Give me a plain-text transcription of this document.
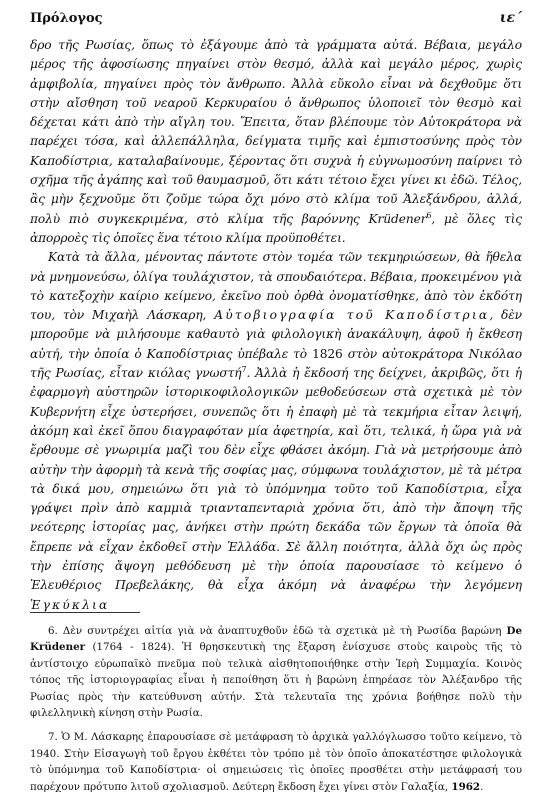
Πρόλογος	ιε΄

δρο τῆς Ρωσίας, ὅπως τὸ ἐξάγουμε ἀπὸ τὰ γράμματα αὐτά. Βέβαια, μεγάλο μέρος τῆς ἀφοσίωσης πηγαίνει στὸν θεσμό, ἀλλὰ καὶ μεγάλο μέρος, χωρὶς ἀμφιβολία, πηγαίνει πρὸς τὸν ἄνθρωπο. Ἀλλὰ εὔκολο εἶναι νὰ δεχθοῦμε ὅτι στὴν αἴσθηση τοῦ νεαροῦ Κερκυραίου ὁ ἄνθρωπος ὑλοποιεῖ τὸν θεσμὸ καὶ δέχεται κάτι ἀπὸ τὴν αἴγλη του. Ἔπειτα, ὅταν βλέπουμε τὸν Αὐτοκράτορα νὰ παρέχει τόσα, καὶ ἀλλεπάλληλα, δείγματα τιμῆς καὶ ἐμπιστοσύνης πρὸς τὸν Καποδίστρια, καταλαβαίνουμε, ξέροντας ὅτι συχνὰ ἡ εὐγνωμοσύνη παίρνει τὸ σχῆμα τῆς ἀγάπης καὶ τοῦ θαυμασμοῦ, ὅτι κάτι τέτοιο ἔχει γίνει κι ἐδῶ. Τέλος, ἂς μὴν ξεχνοῦμε ὅτι ζοῦμε τώρα ὄχι μόνο στὸ κλίμα τοῦ Ἀλεξάνδρου, ἀλλά, πολὺ πιὸ συγκεκριμένα, στὸ κλίμα τῆς βαρόννης Krüdener$^6$, μὲ ὅλες τὶς ἀπορροὲς τὶς ὁποῖες ἕνα τέτοιο κλίμα προϋποθέτει.

Κατὰ τὰ ἄλλα, μένοντας πάντοτε στὸν τομέα τῶν τεκμηριώσεων, θὰ ἤθελα νὰ μνημονεύσω, ὀλίγα τουλάχιστον, τὰ σπουδαιότερα. Βέβαια, προκειμένου γιὰ τὸ κατεξοχὴν καίριο κείμενο, ἐκεῖνο ποὺ ὀρθὰ ὀνοματίσθηκε, ἀπὸ τὸν ἐκδότη του, τὸν Μιχαὴλ Λάσκαρη, Αὐτοβιογραφία τοῦ Καποδίστρια, δὲν μποροῦμε νὰ μιλήσουμε καθαυτὸ γιὰ φιλολογικὴ ἀνακάλυψη, ἀφοῦ ἡ ἔκθεση αὐτή, τὴν ὁποία ὁ Καποδίστριας ὑπέβαλε τὸ 1826 στὸν αὐτοκράτορα Νικόλαο τῆς Ρωσίας, εἶταν κιόλας γνωστή$^7$. Ἀλλὰ ἡ ἔκδοσή της δείχνει, ἀκριβῶς, ὅτι ἡ ἐφαρμογὴ αὐστηρῶν ἱστορικοφιλολογικῶν μεθοδεύσεων στὰ σχετικὰ μὲ τὸν Κυβερνήτη εἶχε ὑστερήσει, συνεπῶς ὅτι ἡ ἐπαφὴ μὲ τὰ τεκμήρια εἶταν λειψή, ἀκόμη καὶ ἐκεῖ ὅπου διαγραφόταν μία ἀφετηρία, καὶ ὅτι, τελικά, ἡ ὥρα γιὰ νὰ ἔρθουμε σὲ γνωριμία μαζὶ του δὲν εἶχε φθάσει ἀκόμη. Γιὰ νὰ μετρήσουμε ἀπὸ αὐτὴν τὴν ἀφορμὴ τὰ κενὰ τῆς σοφίας μας, σύμφωνα τουλάχιστον, μὲ τὰ μέτρα τὰ δικά μου, σημειώνω ὅτι γιὰ τὸ ὑπόμνημα τοῦτο τοῦ Καποδίστρια, εἶχα γράψει πρὶν ἀπὸ καμμιὰ τριανταπενταριὰ χρόνια ὅτι, ἀπὸ τὴν ἄποψη τῆς νεότερης ἱστορίας μας, ἀνήκει στὴν πρώτη δεκάδα τῶν ἔργων τὰ ὁποῖα θὰ ἔπρεπε νὰ εἶχαν ἐκδοθεῖ στὴν Ἑλλάδα. Σὲ ἄλλη ποιότητα, ἀλλὰ ὄχι ὡς πρὸς τὴν ἐπίσης ἄψογη μεθόδευση μὲ τὴν ὁποία παρουσίασε τὸ κείμενο ὁ Ἐλευθέριος Πρεβελάκης, θὰ εἶχα ἀκόμη νὰ ἀναφέρω τὴν λεγόμενη Ἐγκύκλια

6. Δὲν συντρέχει αἰτία γιὰ νὰ ἀναπτυχθοῦν ἐδῶ τὰ σχετικὰ μὲ τὴ Ρωσίδα βαρώνη De Krüdener (1764 - 1824). Ἡ θρησκευτικὴ της ἔξαρση ἐνίσχυσε στοὺς καιροὺς τῆς τὸ ἀντίστοιχο εὐρωπαϊκὸ πνεῦμα ποὺ τελικὰ αἰσθητοποιήθηκε στὴν Ἱερὴ Συμμαχία. Κοινὸς τόπος τῆς ἱστοριογραφίας εἶναι ἡ πεποίθηση ὅτι ἡ βαρώνη ἐπηρέασε τὸν Ἀλέξανδρο τῆς Ρωσίας πρὸς τὴν κατεύθυνση αὐτήν. Στὰ τελευταῖα της χρόνια βοήθησε πολὺ τὴν φιλελληνικὴ κίνηση στὴν Ρωσία.

7. Ὁ Μ. Λάσκαρης ἐπαρουσίασε σὲ μετάφραση τὸ ἀρχικὰ γαλλόγλωσσο τοῦτο κείμενο, τὸ 1940. Στὴν Εἰσαγωγὴ τοῦ ἔργου ἐκθέτει τὸν τρόπο μὲ τὸν ὁποῖο ἀποκατέστησε φιλολογικὰ τὸ ὑπόμνημα τοῦ Καποδίστρια· οἱ σημειώσεις τὶς ὁποῖες προσθέτει στὴν μετάφρασή του παρέχουν πρότυπο λιτοῦ σχολιασμοῦ. Δεύτερη ἔκδοση ἔχει γίνει στὸν Γαλαξία, 1962.
